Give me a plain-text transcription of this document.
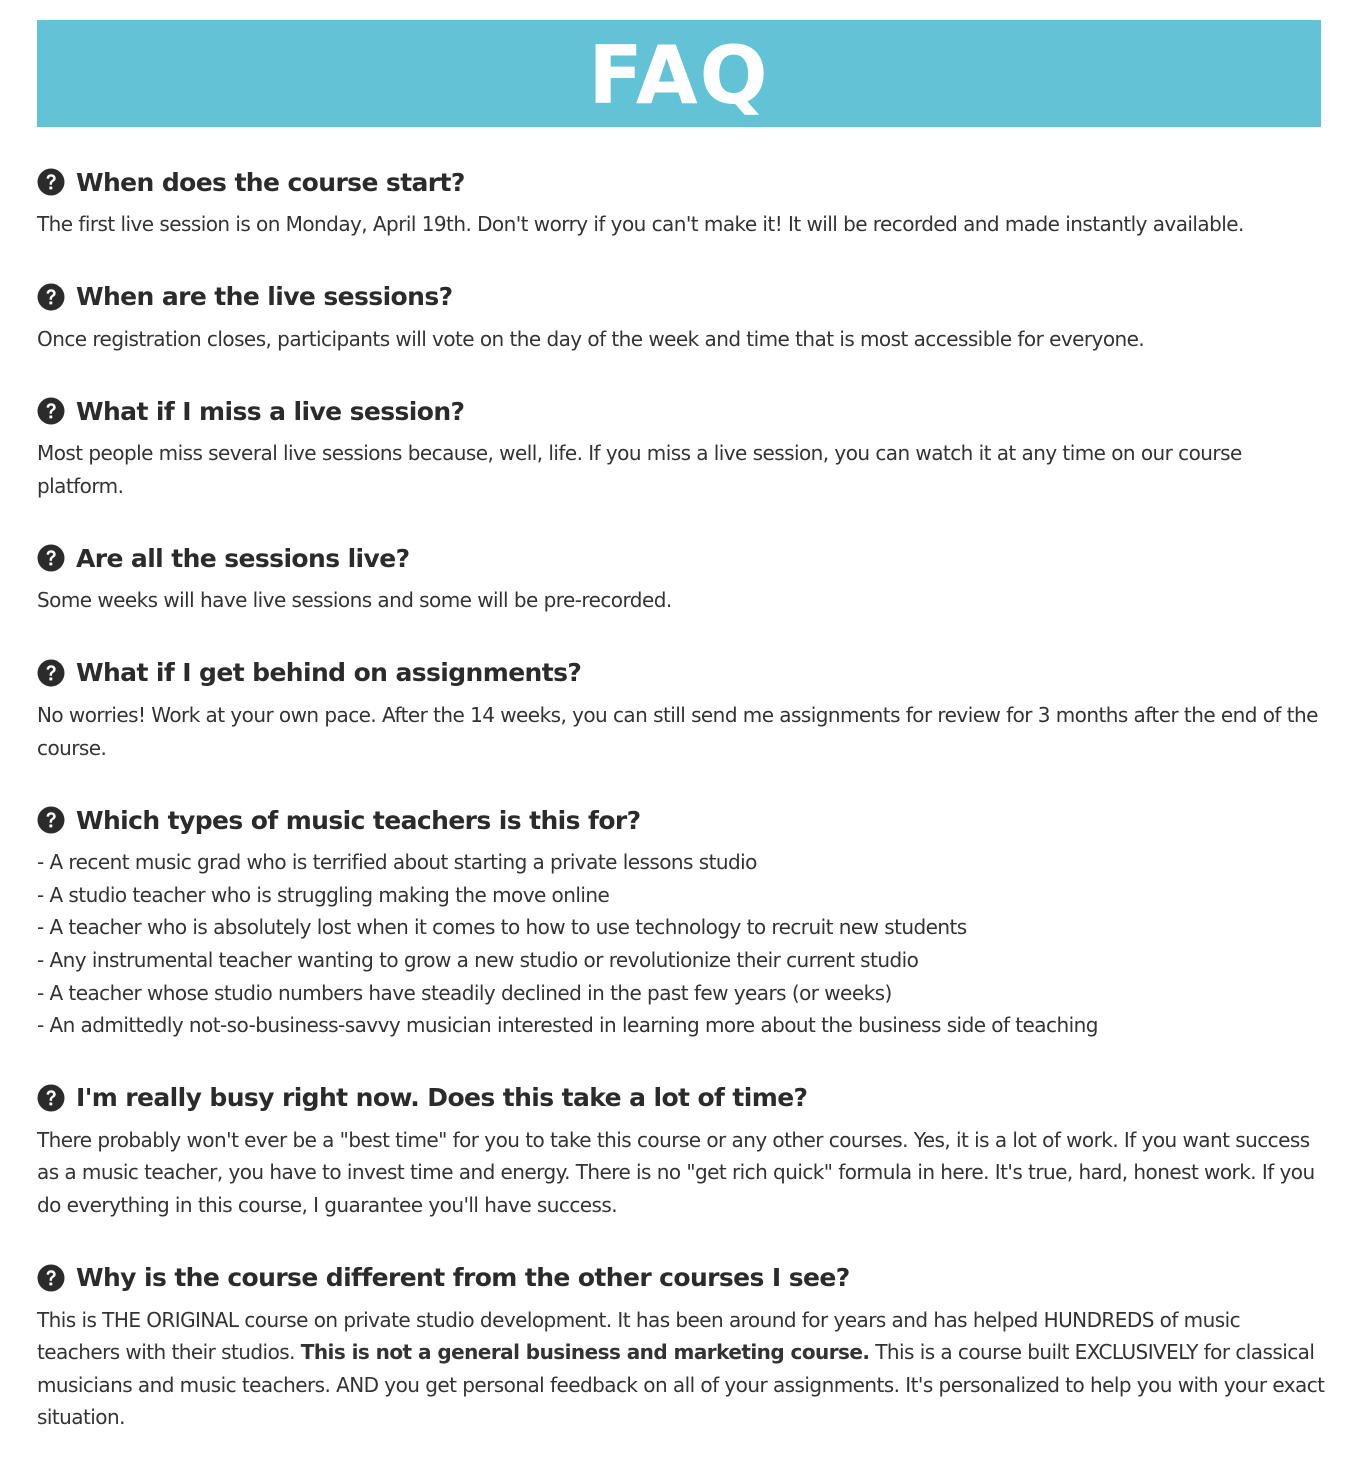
FAQ
When does the course start?
The first live session is on Monday, April 19th. Don't worry if you can't make it! It will be recorded and made instantly available.
When are the live sessions?
Once registration closes, participants will vote on the day of the week and time that is most accessible for everyone.
What if I miss a live session?
Most people miss several live sessions because, well, life. If you miss a live session, you can watch it at any time on our course platform.
Are all the sessions live?
Some weeks will have live sessions and some will be pre-recorded.
What if I get behind on assignments?
No worries! Work at your own pace. After the 14 weeks, you can still send me assignments for review for 3 months after the end of the course.
Which types of music teachers is this for?
- A recent music grad who is terrified about starting a private lessons studio
- A studio teacher who is struggling making the move online
- A teacher who is absolutely lost when it comes to how to use technology to recruit new students
- Any instrumental teacher wanting to grow a new studio or revolutionize their current studio
- A teacher whose studio numbers have steadily declined in the past few years (or weeks)
- An admittedly not-so-business-savvy musician interested in learning more about the business side of teaching
I'm really busy right now. Does this take a lot of time?
There probably won't ever be a "best time" for you to take this course or any other courses. Yes, it is a lot of work. If you want success as a music teacher, you have to invest time and energy. There is no "get rich quick" formula in here. It's true, hard, honest work. If you do everything in this course, I guarantee you'll have success.
Why is the course different from the other courses I see?

This is THE ORIGINAL course on private studio development. It has been around for years and has helped HUNDREDS of music teachers with their studios. This is not a general business and marketing course. This is a course built EXCLUSIVELY for classical musicians and music teachers. AND you get personal feedback on all of your assignments. It's personalized to help you with your exact situation.
